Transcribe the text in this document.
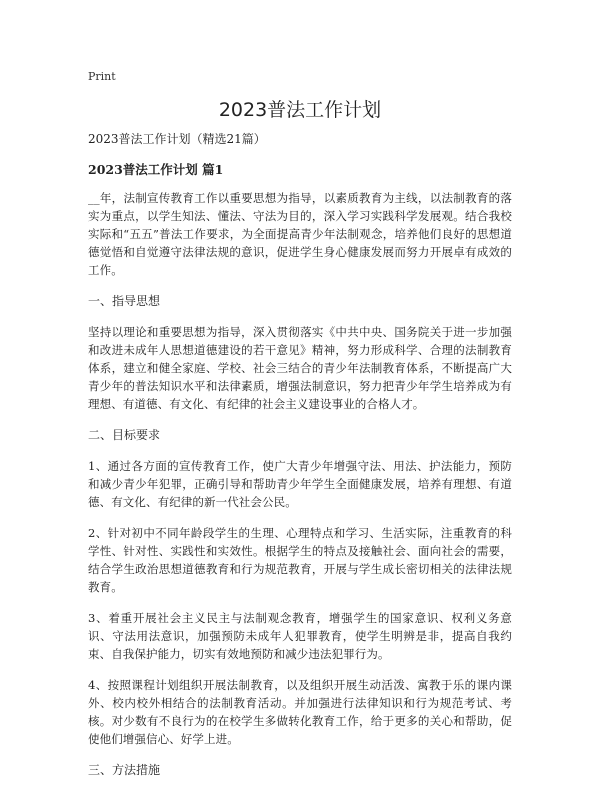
Print
2023普法工作计划

2023普法工作计划（精选21篇）

2023普法工作计划 篇1

__年，法制宣传教育工作以重要思想为指导，以素质教育为主线，以法制教育的落实为重点，以学生知法、懂法、守法为目的，深入学习实践科学发展观。结合我校实际和“五五”普法工作要求，为全面提高青少年法制观念，培养他们良好的思想道德觉悟和自觉遵守法律法规的意识，促进学生身心健康发展而努力开展卓有成效的工作。

一、指导思想

坚持以理论和重要思想为指导，深入贯彻落实《中共中央、国务院关于进一步加强和改进未成年人思想道德建设的若干意见》精神，努力形成科学、合理的法制教育体系，建立和健全家庭、学校、社会三结合的青少年法制教育体系，不断提高广大青少年的普法知识水平和法律素质，增强法制意识，努力把青少年学生培养成为有理想、有道德、有文化、有纪律的社会主义建设事业的合格人才。

二、目标要求

1、通过各方面的宣传教育工作，使广大青少年增强守法、用法、护法能力，预防和减少青少年犯罪，正确引导和帮助青少年学生全面健康发展，培养有理想、有道德、有文化、有纪律的新一代社会公民。

2、针对初中不同年龄段学生的生理、心理特点和学习、生活实际，注重教育的科学性、针对性、实践性和实效性。根据学生的特点及接触社会、面向社会的需要，结合学生政治思想道德教育和行为规范教育，开展与学生成长密切相关的法律法规教育。

3、着重开展社会主义民主与法制观念教育，增强学生的国家意识、权利义务意识、守法用法意识，加强预防未成年人犯罪教育，使学生明辨是非，提高自我约束、自我保护能力，切实有效地预防和减少违法犯罪行为。

4、按照课程计划组织开展法制教育，以及组织开展生动活泼、寓教于乐的课内课外、校内校外相结合的法制教育活动。并加强进行法律知识和行为规范考试、考核。对少数有不良行为的在校学生多做转化教育工作，给于更多的关心和帮助，促使他们增强信心、好学上进。

三、方法措施
